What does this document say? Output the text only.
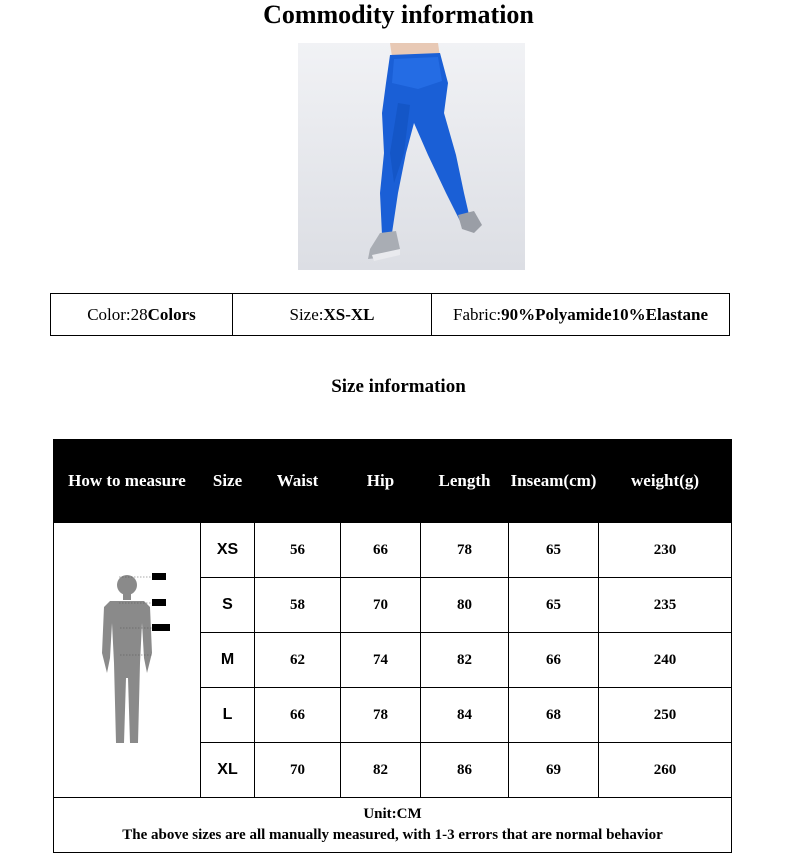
Commodity information
Color:28 Colors	Size: XS-XL	Fabric: 90%Polyamide10%Elastane
Size information
How to measure	Size	Waist	Hip	Length	Inseam(cm)	weight(g)
	XS	56	66	78	65	230
	S	58	70	80	65	235
	M	62	74	82	66	240
	L	66	78	84	68	250
	XL	70	82	86	69	260

Unit:CM
The above sizes are all manually measured, with 1-3 errors that are normal behavior						
